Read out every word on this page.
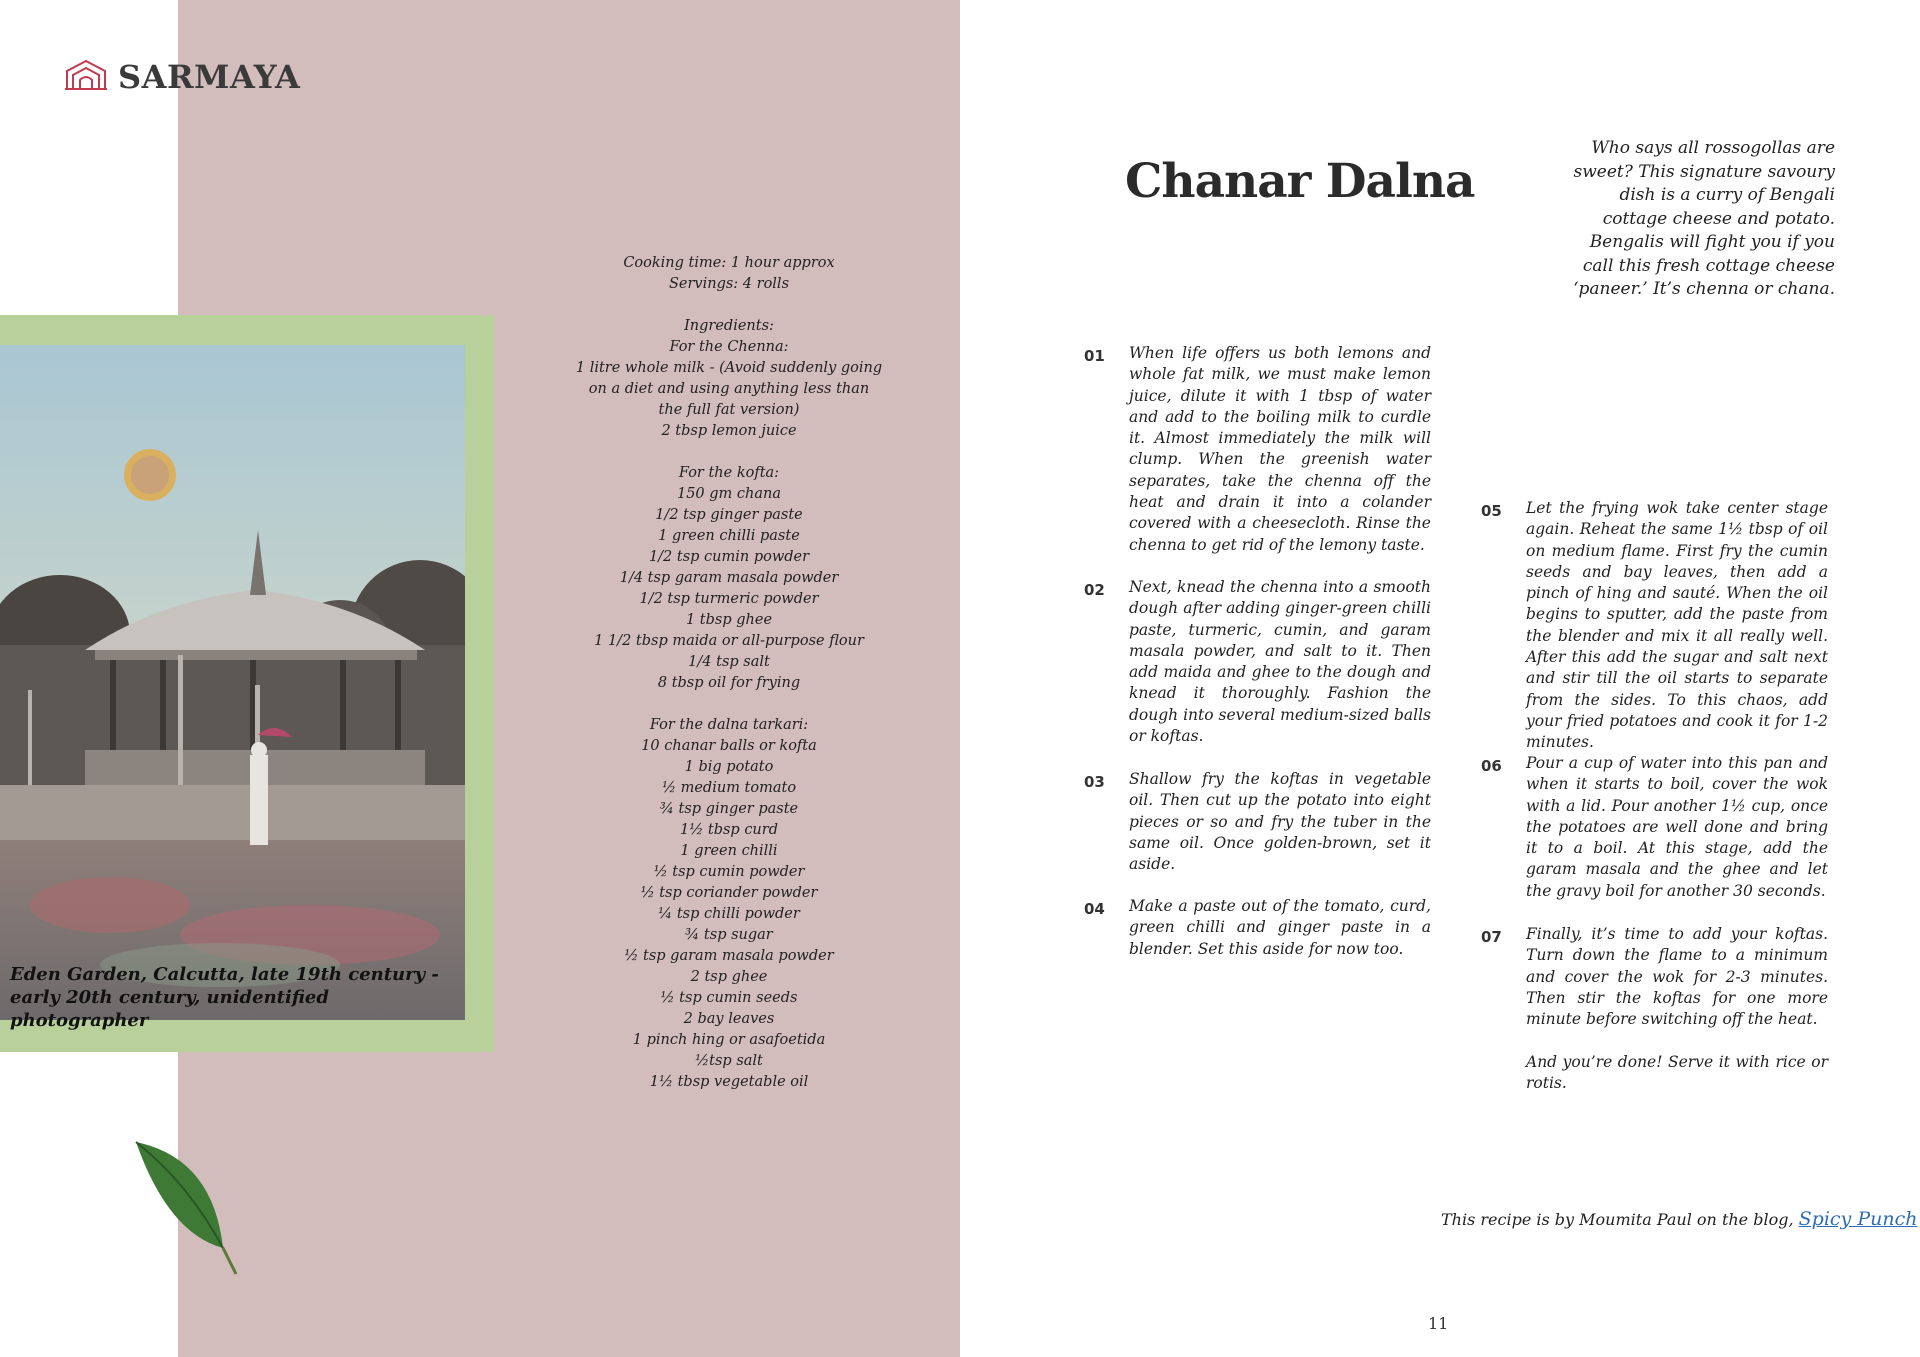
SARMAYA
Eden Garden, Calcutta, late 19th century - early 20th century, unidentified photographer

Cooking time: 1 hour approx

Servings: 4 rolls

Ingredients:

For the Chenna:

1 litre whole milk - (Avoid suddenly going on a diet and using anything less than the full fat version)

2 tbsp lemon juice

For the kofta:

150 gm chana

1/2 tsp ginger paste

1 green chilli paste

1/2 tsp cumin powder

1/4 tsp garam masala powder

1/2 tsp turmeric powder

1 tbsp ghee

1 1/2 tbsp maida or all-purpose flour

1/4 tsp salt

8 tbsp oil for frying

For the dalna tarkari:

10 chanar balls or kofta

1 big potato

½ medium tomato

¾ tsp ginger paste

1½ tbsp curd

1 green chilli

½ tsp cumin powder

½ tsp coriander powder

¼ tsp chilli powder

¾ tsp sugar

½ tsp garam masala powder

2 tsp ghee

½ tsp cumin seeds

2 bay leaves

1 pinch hing or asafoetida

½tsp salt

1½ tbsp vegetable oil

Chanar Dalna
Who says all rossogollas are sweet? This signature savoury dish is a curry of Bengali cottage cheese and potato. Bengalis will fight you if you call this fresh cottage cheese ‘paneer.’ It’s chenna or chana.
01	When life offers us both lemons and whole fat milk, we must make lemon juice, dilute it with 1 tbsp of water and add to the boiling milk to curdle it. Almost immediately the milk will clump. When the greenish water separates, take the chenna off the heat and drain it into a colander covered with a cheesecloth. Rinse the chenna to get rid of the lemony taste.
02	Next, knead the chenna into a smooth dough after adding ginger-green chilli paste, turmeric, cumin, and garam masala powder, and salt to it. Then add maida and ghee to the dough and knead it thoroughly. Fashion the dough into several medium-sized balls or koftas.
03	Shallow fry the koftas in vegetable oil. Then cut up the potato into eight pieces or so and fry the tuber in the same oil. Once golden-brown, set it aside.
04	Make a paste out of the tomato, curd, green chilli and ginger paste in a blender. Set this aside for now too.
05	Let the frying wok take center stage again. Reheat the same 1½ tbsp of oil on medium flame. First fry the cumin seeds and bay leaves, then add a pinch of hing and sauté. When the oil begins to sputter, add the paste from the blender and mix it all really well. After this add the sugar and salt next and stir till the oil starts to separate from the sides. To this chaos, add your fried potatoes and cook it for 1-2 minutes.
06	Pour a cup of water into this pan and when it starts to boil, cover the wok with a lid. Pour another 1½ cup, once the potatoes are well done and bring it to a boil. At this stage, add the garam masala and the ghee and let the gravy boil for another 30 seconds.
07	Finally, it’s time to add your koftas. Turn down the flame to a minimum and cover the wok for 2-3 minutes. Then stir the koftas for one more minute before switching off the heat.
And you’re done! Serve it with rice or rotis.
This recipe is by Moumita Paul on the blog, Spicy Punch
11
